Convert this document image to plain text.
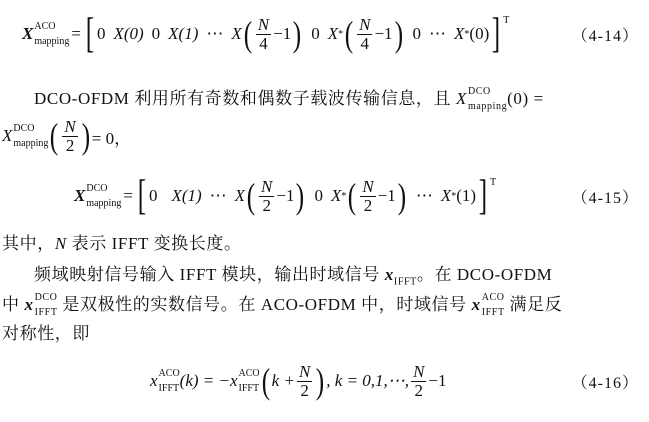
X ACO
mapping = [ 0 X(0) 0 X(1) ⋯ X ( $\frac{N}{4} -1$ ) 0 X * ( $\frac{N}{4} -1$ ) 0 ⋯ X * (0) ] $^T$
（4-14）
DCO-OFDM 利用所有奇数和偶数子载波传输信息，且 X DCO
mapping (0) =
X DCO
mapping ( $\frac{N}{2}$ ) = 0，
X DCO
mapping = [ 0 X(1) ⋯ X ( $\frac{N}{2} -1$ ) 0 X * ( $\frac{N}{2} -1$ ) ⋯ X * (1) ] $^T$
（4-15）
其中，N 表示 IFFT 变换长度。
频域映射信号输入 IFFT 模块，输出时域信号 $x_{IFFT}$。在 DCO-OFDM
中 x DCO
IFFT 是双极性的实数信号。在 ACO-OFDM 中，时域信号 x ACO
IFFT 满足反
对称性，即
x ACO
IFFT (k) = − x ACO
IFFT ( $k + \frac{N}{2}$ ) , k = 0,1,⋯, $\frac{N}{2} -1$	（4-16）
